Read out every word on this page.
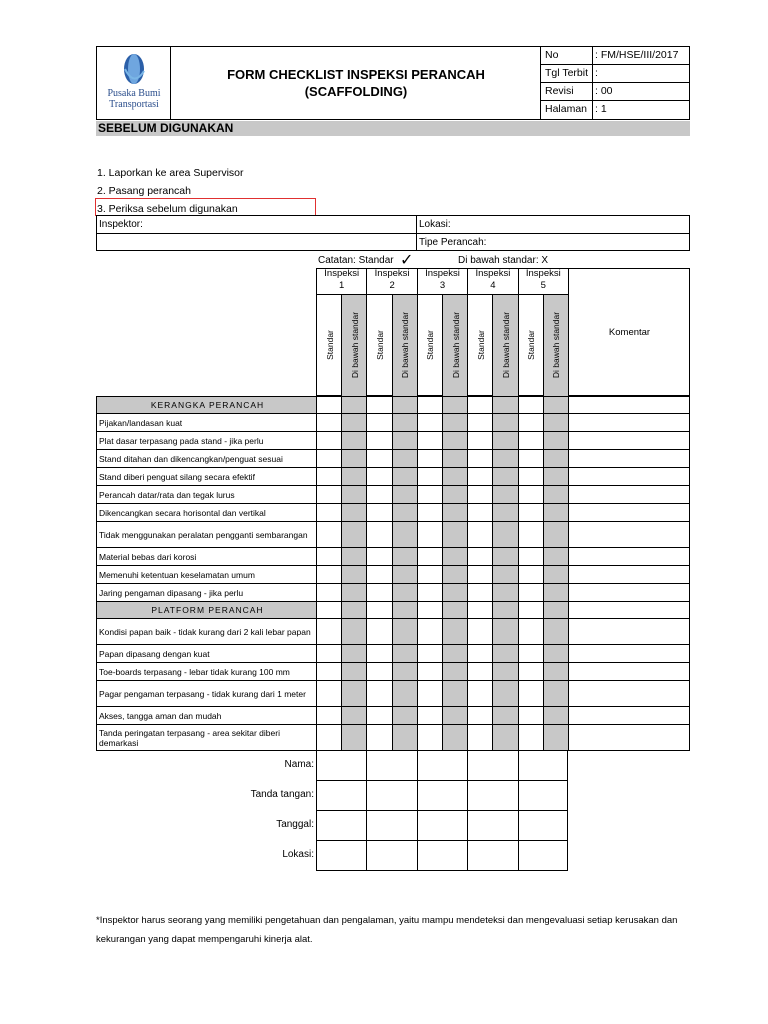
Pusaka Bumi
Transportasi
FORM CHECKLIST INSPEKSI PERANCAH
(SCAFFOLDING)
No	: FM/HSE/III/2017
Tgl Terbit :
Revisi	: 00
Halaman : 1
SEBELUM DIGUNAKAN
1. Laporkan ke area Supervisor
2. Pasang perancah
3. Periksa sebelum digunakan
Inspektor:	Lokasi:
Tipe Perancah:
Catatan: Standar ✓	Di bawah standar: X
Inspeksi
1
Standar Di bawah standar
Inspeksi
2
Standar Di bawah standar
Inspeksi
3
Standar Di bawah standar
Inspeksi
4
Standar Di bawah standar
Inspeksi
5
Standar Di bawah standar	Komentar
KERANGKA PERANCAH
Pijakan/landasan kuat
Plat dasar terpasang pada stand - jika perlu
Stand ditahan dan dikencangkan/penguat sesuai
Stand diberi penguat silang secara efektif
Perancah datar/rata dan tegak lurus
Dikencangkan secara horisontal dan vertikal
Tidak menggunakan peralatan pengganti sembarangan
Material bebas dari korosi
Memenuhi ketentuan keselamatan umum
Jaring pengaman dipasang - jika perlu
PLATFORM PERANCAH
Kondisi papan baik - tidak kurang dari 2 kali lebar papan
Papan dipasang dengan kuat
Toe-boards terpasang - lebar tidak kurang 100 mm
Pagar pengaman terpasang - tidak kurang dari 1 meter
Akses, tangga aman dan mudah
Tanda peringatan terpasang - area sekitar diberi demarkasi
Nama:
Tanda tangan:
Tanggal:
Lokasi:
*Inspektor harus seorang yang memiliki pengetahuan dan pengalaman, yaitu mampu mendeteksi dan mengevaluasi setiap kerusakan dan
kekurangan yang dapat mempengaruhi kinerja alat.
